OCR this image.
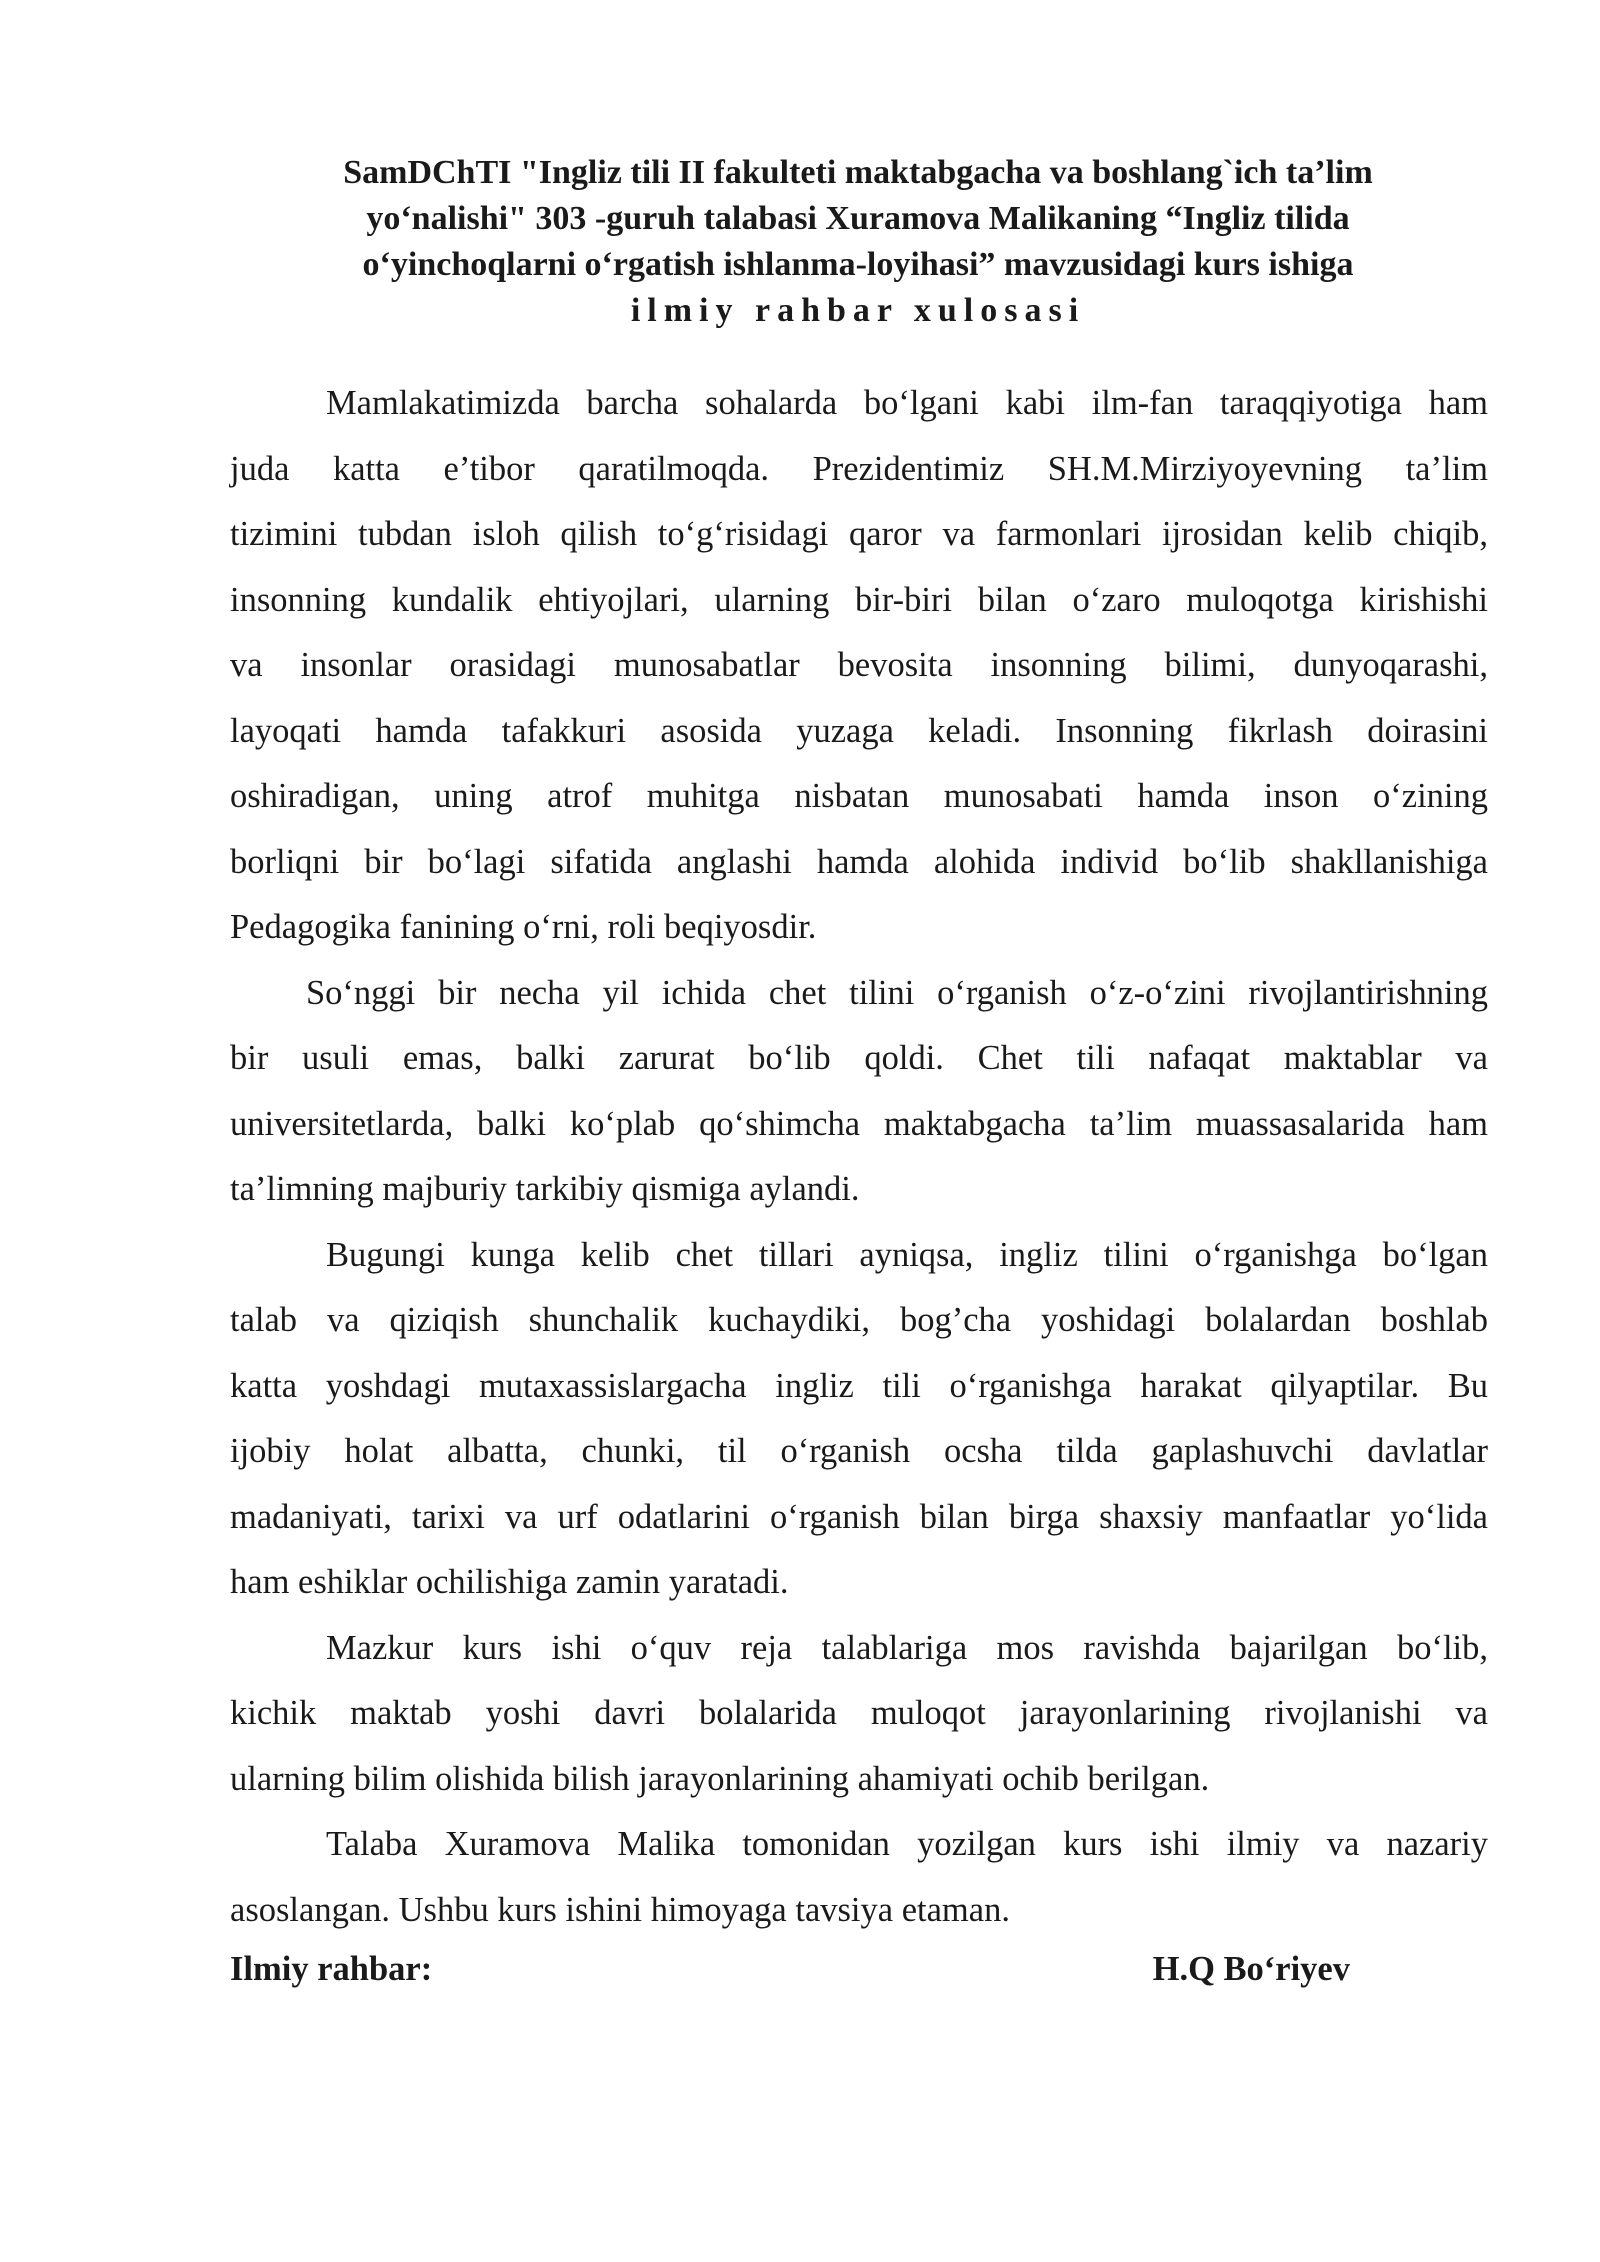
SamDChTI "Ingliz tili II fakulteti maktabgacha va boshlang`ich ta’lim
yo‘nalishi" 303 -guruh talabasi Xuramova Malikaning “Ingliz tilida
o‘yinchoqlarni o‘rgatish ishlanma-loyihasi” mavzusidagi kurs ishiga
ilmiy rahbar xulosasi
Mamlakatimizda barcha sohalarda bo‘lgani kabi ilm-fan taraqqiyotiga ham
juda katta e’tibor qaratilmoqda. Prezidentimiz SH.M.Mirziyoyevning ta’lim
tizimini tubdan isloh qilish to‘g‘risidagi qaror va farmonlari ijrosidan kelib chiqib,
insonning kundalik ehtiyojlari, ularning bir-biri bilan o‘zaro muloqotga kirishishi
va insonlar orasidagi munosabatlar bevosita insonning bilimi, dunyoqarashi,
layoqati hamda tafakkuri asosida yuzaga keladi. Insonning fikrlash doirasini
oshiradigan, uning atrof muhitga nisbatan munosabati hamda inson o‘zining
borliqni bir bo‘lagi sifatida anglashi hamda alohida individ bo‘lib shakllanishiga
Pedagogika fanining o‘rni, roli beqiyosdir.
So‘nggi bir necha yil ichida chet tilini o‘rganish o‘z-o‘zini rivojlantirishning
bir usuli emas, balki zarurat bo‘lib qoldi. Chet tili nafaqat maktablar va
universitetlarda, balki ko‘plab qo‘shimcha maktabgacha ta’lim muassasalarida ham
ta’limning majburiy tarkibiy qismiga aylandi.
Bugungi kunga kelib chet tillari ayniqsa, ingliz tilini o‘rganishga bo‘lgan
talab va qiziqish shunchalik kuchaydiki, bog’cha yoshidagi bolalardan boshlab
katta yoshdagi mutaxassislargacha ingliz tili o‘rganishga harakat qilyaptilar. Bu
ijobiy holat albatta, chunki, til o‘rganish ocsha tilda gaplashuvchi davlatlar
madaniyati, tarixi va urf odatlarini o‘rganish bilan birga shaxsiy manfaatlar yo‘lida
ham eshiklar ochilishiga zamin yaratadi.
Mazkur kurs ishi o‘quv reja talablariga mos ravishda bajarilgan bo‘lib,
kichik maktab yoshi davri bolalarida muloqot jarayonlarining rivojlanishi va
ularning bilim olishida bilish jarayonlarining ahamiyati ochib berilgan.
Talaba Xuramova Malika tomonidan yozilgan kurs ishi ilmiy va nazariy
asoslangan. Ushbu kurs ishini himoyaga tavsiya etaman.
Ilmiy rahbar:	H.Q Bo‘riyev
